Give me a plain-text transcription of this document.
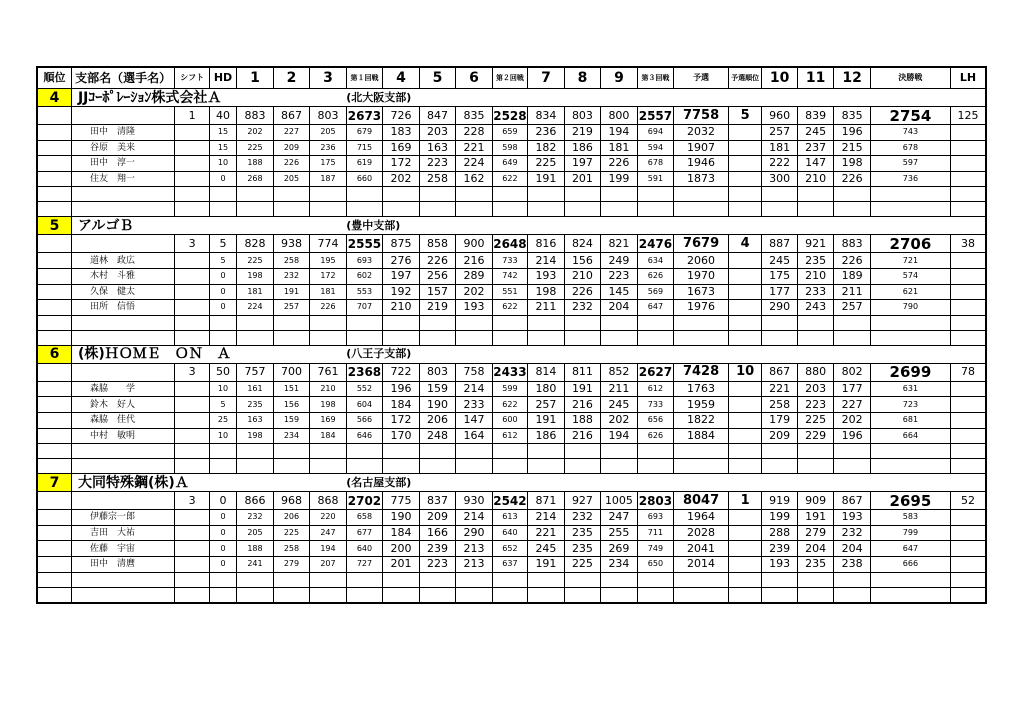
順位	支部名（選手名）	シフト	HD	1	2	3	第１回戦	4	5	6	第２回戦	7	8	9	第３回戦	予選	予選順位	10	11	12	決勝戦	LH
4	JJｺｰﾎﾟﾚｰｼｮﾝ株式会社Ａ						(北大阪支部)															
		1	40	883	867	803	2673	726	847	835	2528	834	803	800	2557	7758	5	960	839	835	2754	125
	田中　清隆		15	202	227	205	679	183	203	228	659	236	219	194	694	2032		257	245	196	743	
	谷原　美来		15	225	209	236	715	169	163	221	598	182	186	181	594	1907		181	237	215	678	
	田中　淳一		10	188	226	175	619	172	223	224	649	225	197	226	678	1946		222	147	198	597	
	住友　翔一		0	268	205	187	660	202	258	162	622	191	201	199	591	1873		300	210	226	736	

5	アルゴＢ						(豊中支部)															
		3	5	828	938	774	2555	875	858	900	2648	816	824	821	2476	7679	4	887	921	883	2706	38
	道林　政広		5	225	258	195	693	276	226	216	733	214	156	249	634	2060		245	235	226	721	
	木村　斗雅		0	198	232	172	602	197	256	289	742	193	210	223	626	1970		175	210	189	574	
	久保　健太		0	181	191	181	553	192	157	202	551	198	226	145	569	1673		177	233	211	621	
	田所　信悟		0	224	257	226	707	210	219	193	622	211	232	204	647	1976		290	243	257	790	

6	(株)ＨＯＭＥ　ＯＮ　Ａ						(八王子支部)															
		3	50	757	700	761	2368	722	803	758	2433	814	811	852	2627	7428	10	867	880	802	2699	78
	森脇　　学		10	161	151	210	552	196	159	214	599	180	191	211	612	1763		221	203	177	631	
	鈴木　好人		5	235	156	198	604	184	190	233	622	257	216	245	733	1959		258	223	227	723	
	森脇　佳代		25	163	159	169	566	172	206	147	600	191	188	202	656	1822		179	225	202	681	
	中村　敏明		10	198	234	184	646	170	248	164	612	186	216	194	626	1884		209	229	196	664	

7	大同特殊鋼(株)Ａ						(名古屋支部)															
		3	0	866	968	868	2702	775	837	930	2542	871	927	1005	2803	8047	1	919	909	867	2695	52
	伊藤宗一郎		0	232	206	220	658	190	209	214	613	214	232	247	693	1964		199	191	193	583	
	吉田　大祐		0	205	225	247	677	184	166	290	640	221	235	255	711	2028		288	279	232	799	
	佐藤　宇宙		0	188	258	194	640	200	239	213	652	245	235	269	749	2041		239	204	204	647	
	田中　清麿		0	241	279	207	727	201	223	213	637	191	225	234	650	2014		193	235	238	666	
